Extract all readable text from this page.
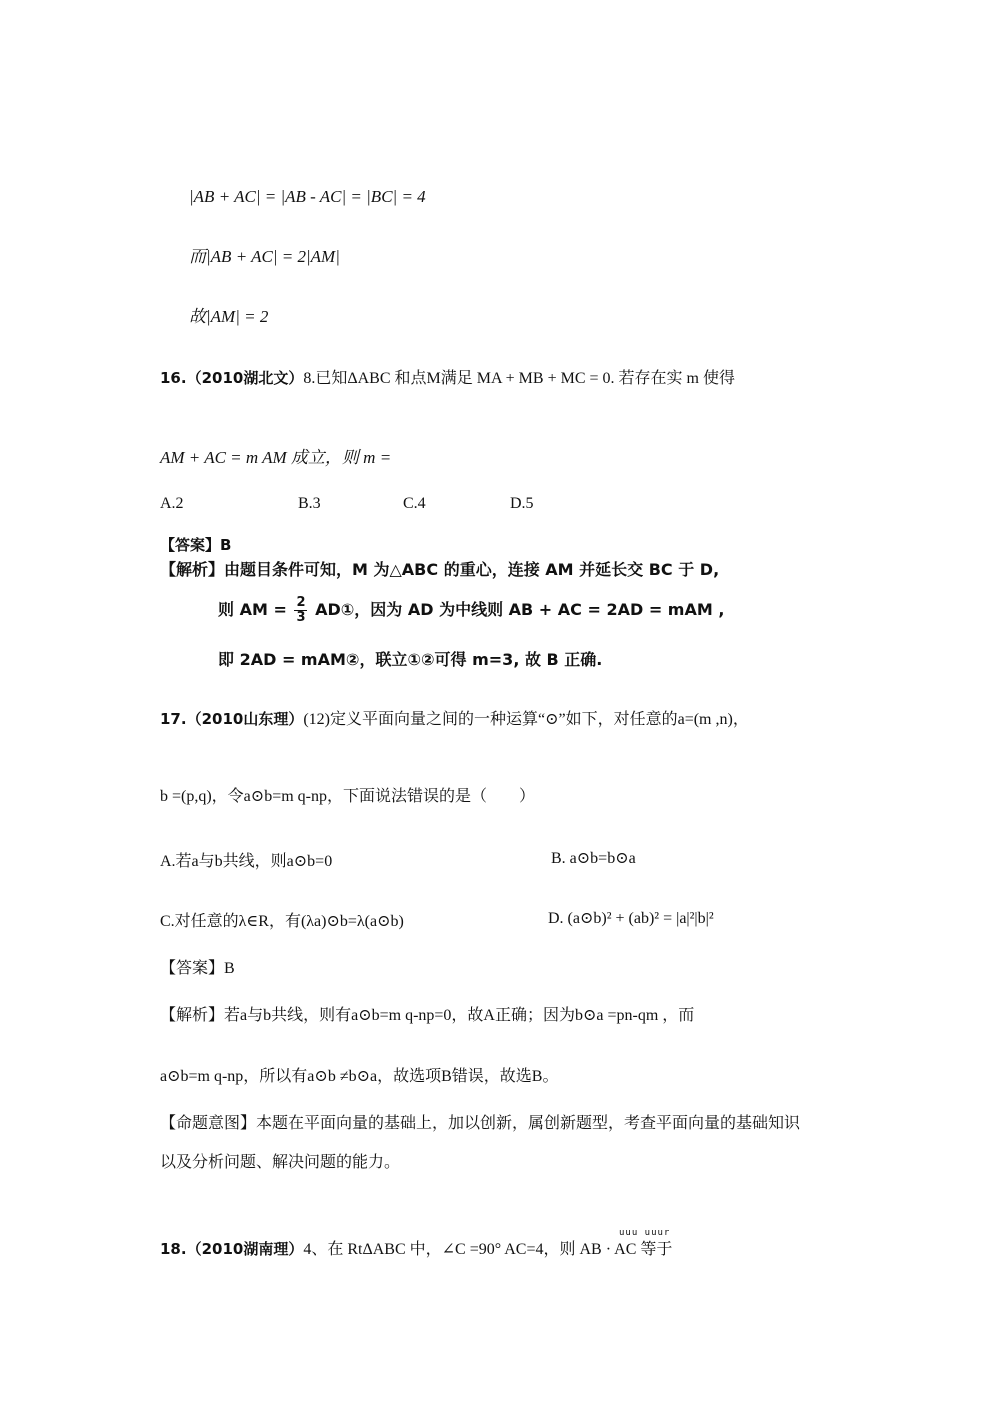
|AB + AC| = |AB - AC| = |BC| = 4
而|AB + AC| = 2|AM|
故|AM| = 2
16.（2010湖北文）8.已知ΔABC 和点M满足 MA + MB + MC = 0. 若存在实 m 使得
AM + AC = m AM 成立，则 m =
A.2	B.3	C.4	D.5
【答案】B
【解析】由题目条件可知，M 为△ABC 的重心，连接 AM 并延长交 BC 于 D,
则 AM = $\frac{2}{3}$ AD①，因为 AD 为中线则 AB + AC = 2AD = mAM ,
即 2AD = mAM②，联立①②可得 m=3, 故 B 正确.
17.（2010山东理）(12)定义平面向量之间的一种运算“⊙”如下，对任意的a=(m ,n)，
b =(p,q)，令a⊙b=m q-np，下面说法错误的是（　　）
A.若a与b共线，则a⊙b=0	B. a⊙b=b⊙a
C.对任意的λ∈R，有(λa)⊙b=λ(a⊙b)	D. (a⊙b)² + (ab)² = |a|²|b|²
【答案】B
【解析】若a与b共线，则有a⊙b=m q-np=0，故A正确；因为b⊙a =pn-qm ，而
a⊙b=m q-np，所以有a⊙b ≠b⊙a，故选项B错误，故选B。
【命题意图】本题在平面向量的基础上，加以创新，属创新题型，考查平面向量的基础知识
以及分析问题、解决问题的能力。
uuu uuur
18.（2010湖南理）4、在 RtΔABC 中，∠C =90° AC=4，则 AB · AC 等于
